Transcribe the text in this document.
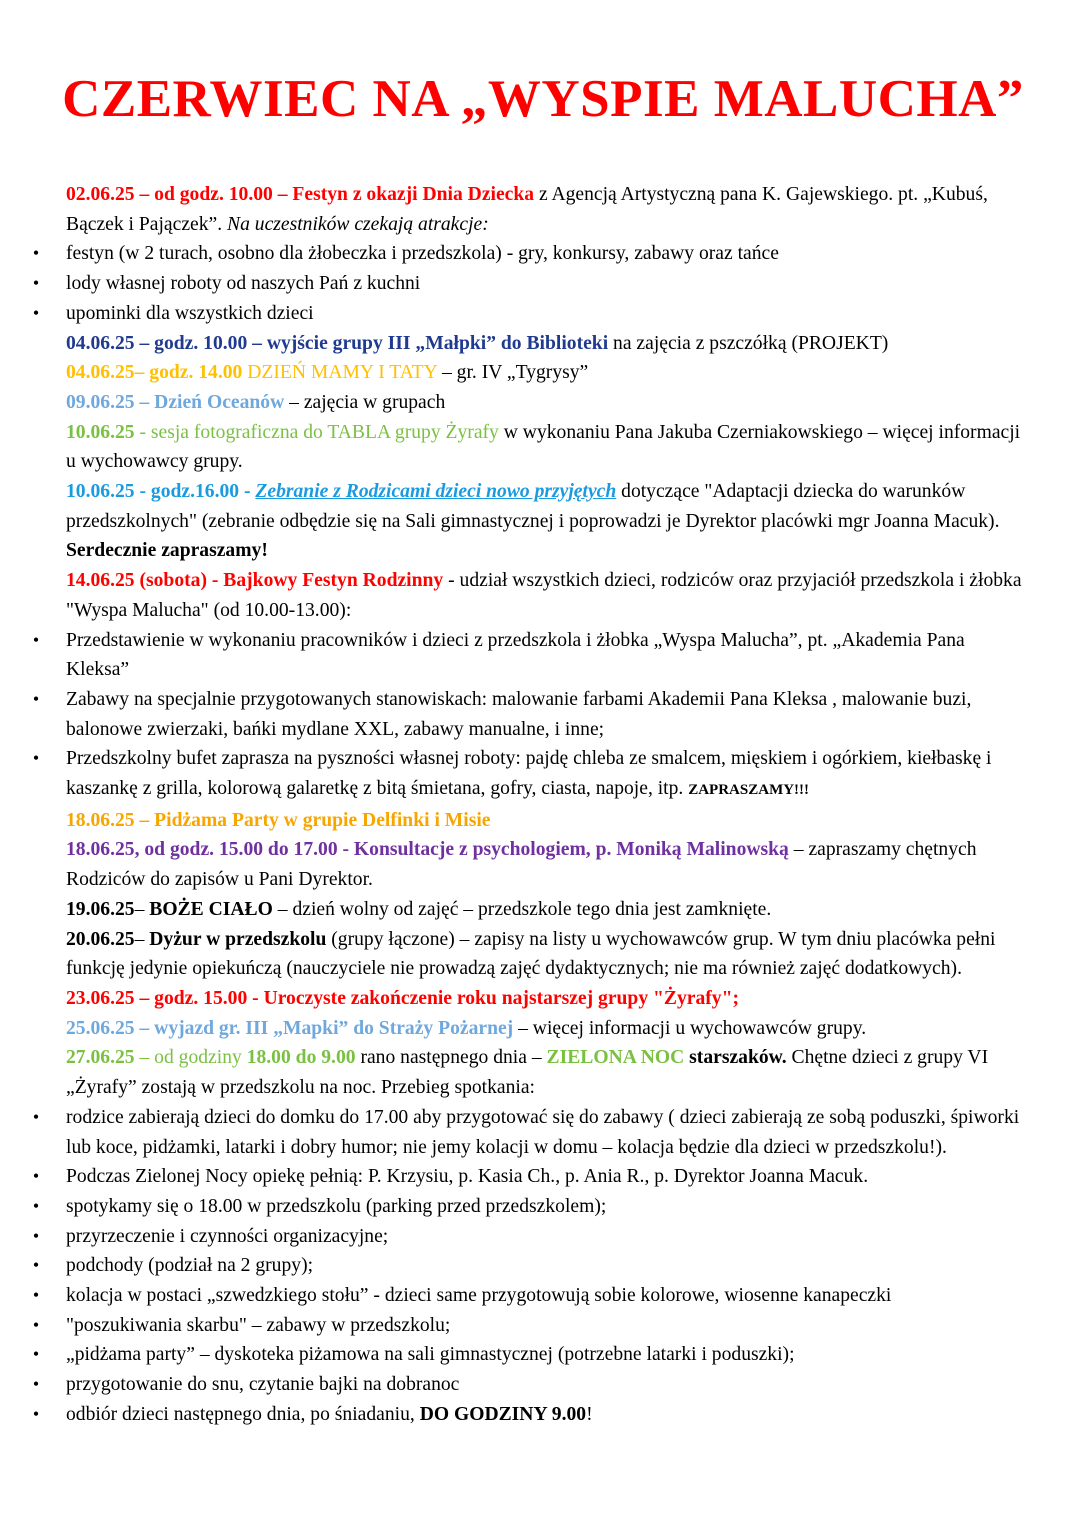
CZERWIEC NA „WYSPIE MALUCHA”

02.06.25 – od godz. 10.00 – Festyn z okazji Dnia Dziecka z Agencją Artystyczną pana K. Gajewskiego. pt. „Kubuś, Bączek i Pajączek”. Na uczestników czekają atrakcje:

• festyn (w 2 turach, osobno dla żłobeczka i przedszkola) - gry, konkursy, zabawy oraz tańce

• lody własnej roboty od naszych Pań z kuchni

• upominki dla wszystkich dzieci

04.06.25 – godz. 10.00 – wyjście grupy III „Małpki” do Biblioteki na zajęcia z pszczółką (PROJEKT)

04.06.25– godz. 14.00 DZIEŃ MAMY I TATY – gr. IV „Tygrysy”

09.06.25 – Dzień Oceanów – zajęcia w grupach

10.06.25 - sesja fotograficzna do TABLA grupy Żyrafy w wykonaniu Pana Jakuba Czerniakowskiego – więcej informacji u wychowawcy grupy.

10.06.25 - godz.16.00 - Zebranie z Rodzicami dzieci nowo przyjętych dotyczące "Adaptacji dziecka do warunków przedszkolnych" (zebranie odbędzie się na Sali gimnastycznej i poprowadzi je Dyrektor placówki mgr Joanna Macuk). Serdecznie zapraszamy!

14.06.25 (sobota) - Bajkowy Festyn Rodzinny - udział wszystkich dzieci, rodziców oraz przyjaciół przedszkola i żłobka "Wyspa Malucha" (od 10.00-13.00):

• Przedstawienie w wykonaniu pracowników i dzieci z przedszkola i żłobka „Wyspa Malucha”, pt. „Akademia Pana Kleksa”

• Zabawy na specjalnie przygotowanych stanowiskach: malowanie farbami Akademii Pana Kleksa , malowanie buzi, balonowe zwierzaki, bańki mydlane XXL, zabawy manualne, i inne;

• Przedszkolny bufet zaprasza na pyszności własnej roboty: pajdę chleba ze smalcem, mięskiem i ogórkiem, kiełbaskę i kaszankę z grilla, kolorową galaretkę z bitą śmietana, gofry, ciasta, napoje, itp. ZAPRASZAMY!!!

18.06.25 – Pidżama Party w grupie Delfinki i Misie

18.06.25, od godz. 15.00 do 17.00 - Konsultacje z psychologiem, p. Moniką Malinowską – zapraszamy chętnych Rodziców do zapisów u Pani Dyrektor.

19.06.25– BOŻE CIAŁO – dzień wolny od zajęć – przedszkole tego dnia jest zamknięte.

20.06.25– Dyżur w przedszkolu (grupy łączone) – zapisy na listy u wychowawców grup. W tym dniu placówka pełni funkcję jedynie opiekuńczą (nauczyciele nie prowadzą zajęć dydaktycznych; nie ma również zajęć dodatkowych).

23.06.25 – godz. 15.00 - Uroczyste zakończenie roku najstarszej grupy "Żyrafy";

25.06.25 – wyjazd gr. III „Mapki” do Straży Pożarnej – więcej informacji u wychowawców grupy.

27.06.25 – od godziny 18.00 do 9.00 rano następnego dnia – ZIELONA NOC starszaków. Chętne dzieci z grupy VI „Żyrafy” zostają w przedszkolu na noc. Przebieg spotkania:

• rodzice zabierają dzieci do domku do 17.00 aby przygotować się do zabawy ( dzieci zabierają ze sobą poduszki, śpiworki lub koce, pidżamki, latarki i dobry humor; nie jemy kolacji w domu – kolacja będzie dla dzieci w przedszkolu!).

• Podczas Zielonej Nocy opiekę pełnią: P. Krzysiu, p. Kasia Ch., p. Ania R., p. Dyrektor Joanna Macuk.

• spotykamy się o 18.00 w przedszkolu (parking przed przedszkolem);

• przyrzeczenie i czynności organizacyjne;

• podchody (podział na 2 grupy);

• kolacja w postaci „szwedzkiego stołu” - dzieci same przygotowują sobie kolorowe, wiosenne kanapeczki

• "poszukiwania skarbu" – zabawy w przedszkolu;

• „pidżama party” – dyskoteka piżamowa na sali gimnastycznej (potrzebne latarki i poduszki);

• przygotowanie do snu, czytanie bajki na dobranoc

• odbiór dzieci następnego dnia, po śniadaniu, DO GODZINY 9.00!
